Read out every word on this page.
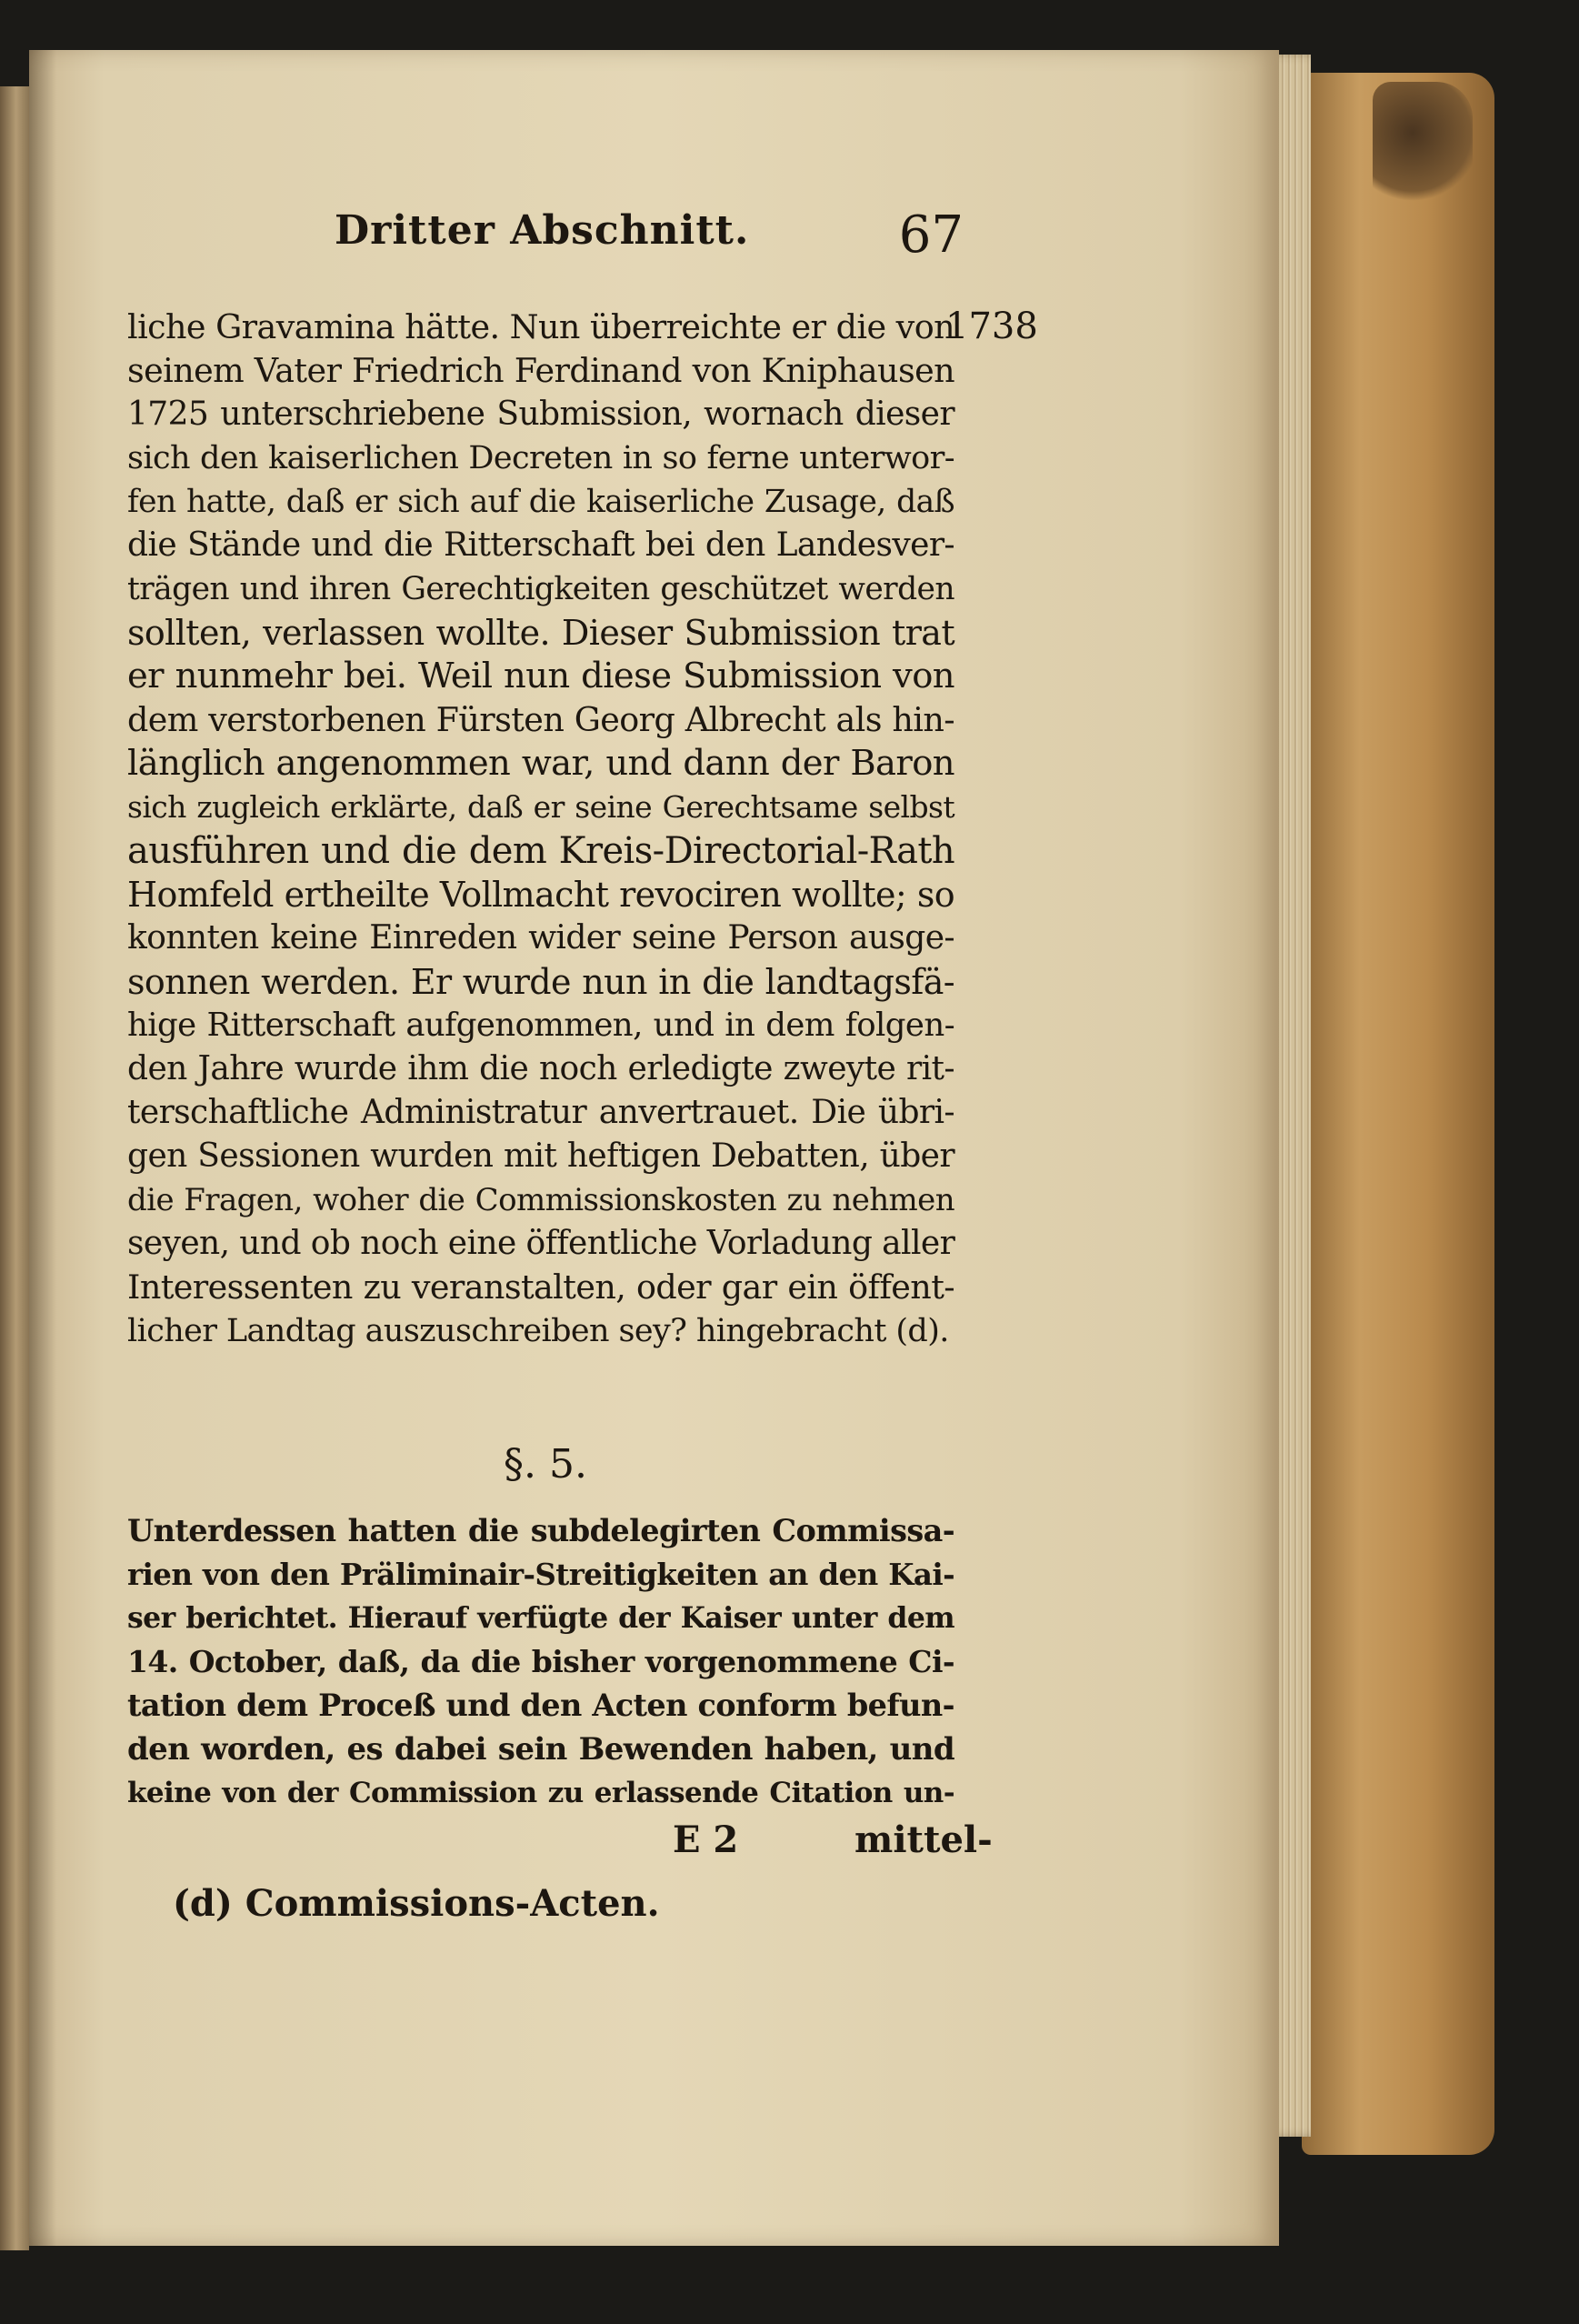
Dritter Abschnitt.	67
1738
liche Gravamina hätte. Nun überreichte er die von
seinem Vater Friedrich Ferdinand von Kniphausen
1725 unterschriebene Submission, wornach dieser
sich den kaiserlichen Decreten in so ferne unterwor-
fen hatte, daß er sich auf die kaiserliche Zusage, daß
die Stände und die Ritterschaft bei den Landesver-
trägen und ihren Gerechtigkeiten geschützet werden
sollten, verlassen wollte. Dieser Submission trat
er nunmehr bei. Weil nun diese Submission von
dem verstorbenen Fürsten Georg Albrecht als hin-
länglich angenommen war, und dann der Baron
sich zugleich erklärte, daß er seine Gerechtsame selbst
ausführen und die dem Kreis-Directorial-Rath
Homfeld ertheilte Vollmacht revociren wollte; so
konnten keine Einreden wider seine Person ausge-
sonnen werden. Er wurde nun in die landtagsfä-
hige Ritterschaft aufgenommen, und in dem folgen-
den Jahre wurde ihm die noch erledigte zweyte rit-
terschaftliche Administratur anvertrauet. Die übri-
gen Sessionen wurden mit heftigen Debatten, über
die Fragen, woher die Commissionskosten zu nehmen
seyen, und ob noch eine öffentliche Vorladung aller
Interessenten zu veranstalten, oder gar ein öffent-
licher Landtag auszuschreiben sey? hingebracht (d).
§. 5.
Unterdessen hatten die subdelegirten Commissa-
rien von den Präliminair-Streitigkeiten an den Kai-
ser berichtet. Hierauf verfügte der Kaiser unter dem
14. October, daß, da die bisher vorgenommene Ci-
tation dem Proceß und den Acten conform befun-
den worden, es dabei sein Bewenden haben, und
keine von der Commission zu erlassende Citation un-
E 2	mittel-
(d) Commissions-Acten.
